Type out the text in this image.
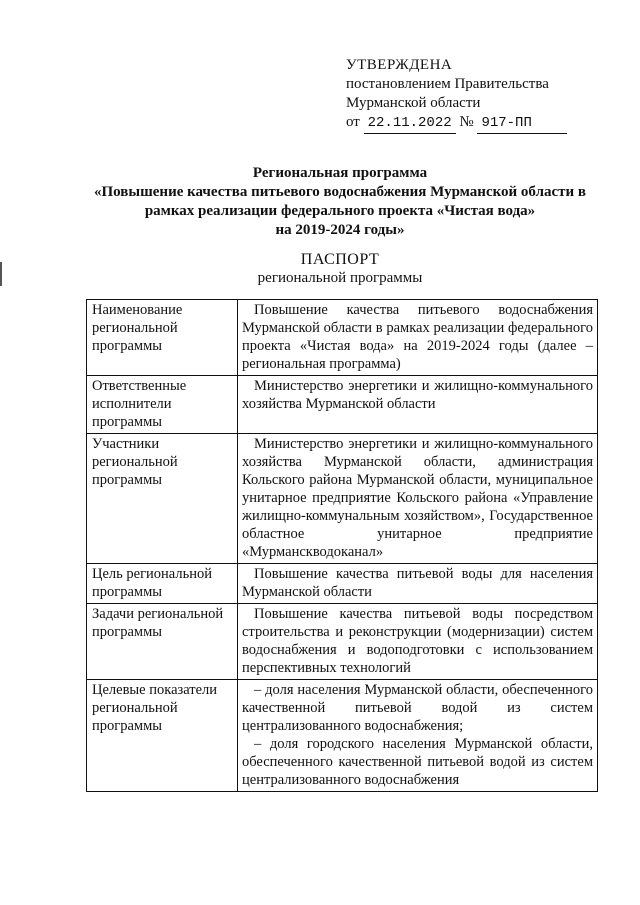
УТВЕРЖДЕНА
постановлением Правительства
Мурманской области
от 22.11.2022 № 917-ПП
Региональная программа
«Повышение качества питьевого водоснабжения Мурманской области в
рамках реализации федерального проекта «Чистая вода»
на 2019-2024 годы»
ПАСПОРТ
региональной программы
Наименование региональной программы	Повышение качества питьевого водоснабжения Мурманской области в рамках реализации федерального проекта «Чистая вода» на 2019-2024 годы (далее – региональная программа)
Ответственные исполнители программы	Министерство энергетики и жилищно-коммунального хозяйства Мурманской области
Участники региональной программы	Министерство энергетики и жилищно-коммунального хозяйства Мурманской области, администрация Кольского района Мурманской области, муниципальное унитарное предприятие Кольского района «Управление жилищно-коммунальным хозяйством», Государственное областное унитарное предприятие «Мурманскводоканал»
Цель региональной программы	Повышение качества питьевой воды для населения Мурманской области
Задачи региональной программы	Повышение качества питьевой воды посредством строительства и реконструкции (модернизации) систем водоснабжения и водоподготовки с использованием перспективных технологий
Целевые показатели региональной программы	– доля населения Мурманской области, обеспеченного качественной питьевой водой из систем централизованного водоснабжения;
– доля городского населения Мурманской области, обеспеченного качественной питьевой водой из систем централизованного водоснабжения
